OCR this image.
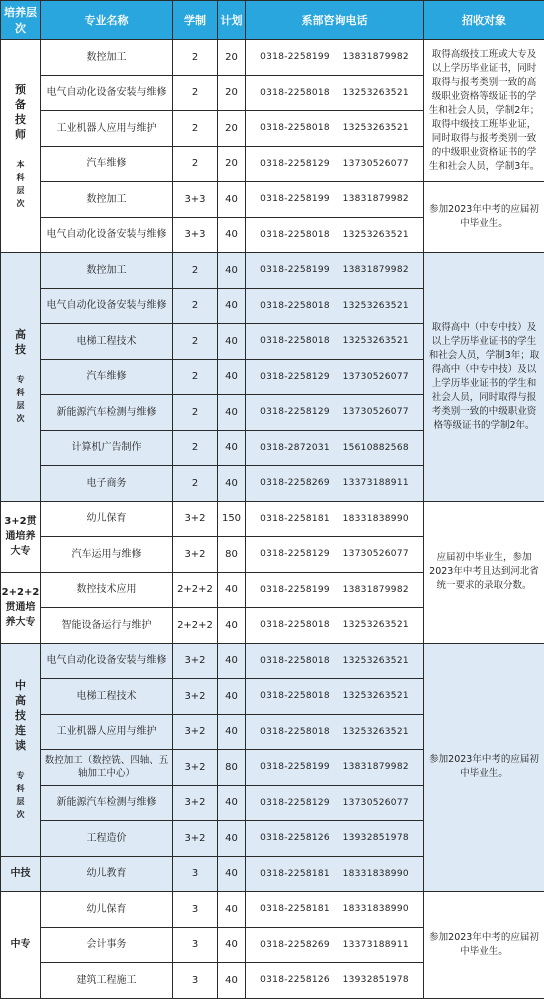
培养层次	专业名称	学制	计划	系部咨询电话	招收对象
预备技师

本科层次	数控加工	2	20	0318-2258199    13831879982	取得高级技工班或大专及以上学历毕业证书，同时取得与报考类别一致的高级职业资格等级证书的学生和社会人员，学制2年；取得中级技工班毕业证，同时取得与报考类别一致的中级职业资格证书的学生和社会人员，学制3年。
	电气自动化设备安装与维修	2	20	0318-2258018    13253263521	
	工业机器人应用与维护	2	20	0318-2258018    13253263521	
	汽车维修	2	20	0318-2258129    13730526077	
	数控加工	3+3	40	0318-2258199    13831879982	参加2023年中考的应届初中毕业生。
	电气自动化设备安装与维修	3+3	40	0318-2258018    13253263521	
高技

专科层次	数控加工	2	40	0318-2258199    13831879982	取得高中（中专中技）及以上学历毕业证书的学生和社会人员，学制3年；取得高中（中专中技）及以上学历毕业证书的学生和社会人员，同时取得与报考类别一致的中级职业资格等级证书的学制2年。
	电气自动化设备安装与维修	2	40	0318-2258018    13253263521	
	电梯工程技术	2	40	0318-2258018    13253263521	
	汽车维修	2	40	0318-2258129    13730526077	
	新能源汽车检测与维修	2	40	0318-2258129    13730526077	
	计算机广告制作	2	40	0318-2872031    15610882568	
	电子商务	2	40	0318-2258269    13373188911	
3+2贯通培养大专	幼儿保育	3+2	150	0318-2258181    18331838990	应届初中毕业生，参加2023年中考且达到河北省统一要求的录取分数。
	汽车运用与维修	3+2	80	0318-2258129    13730526077	
2+2+2贯通培养大专	数控技术应用	2+2+2	40	0318-2258199    13831879982	
	智能设备运行与维护	2+2+2	40	0318-2258018    13253263521	
中高技连读

专科层次	电气自动化设备安装与维修	3+2	40	0318-2258018    13253263521	参加2023年中考的应届初中毕业生。
	电梯工程技术	3+2	40	0318-2258018    13253263521	
	工业机器人应用与维护	3+2	40	0318-2258018    13253263521	
	数控加工（数控铣、四轴、五轴加工中心）	3+2	80	0318-2258199    13831879982	
	新能源汽车检测与维修	3+2	40	0318-2258129    13730526077	
	工程造价	3+2	40	0318-2258126    13932851978	
中技	幼儿教育	3	40	0318-2258181    18331838990	
中专	幼儿保育	3	40	0318-2258181    18331838990	参加2023年中考的应届初中毕业生。
	会计事务	3	40	0318-2258269    13373188911	
	建筑工程施工	3	40	0318-2258126    13932851978	
